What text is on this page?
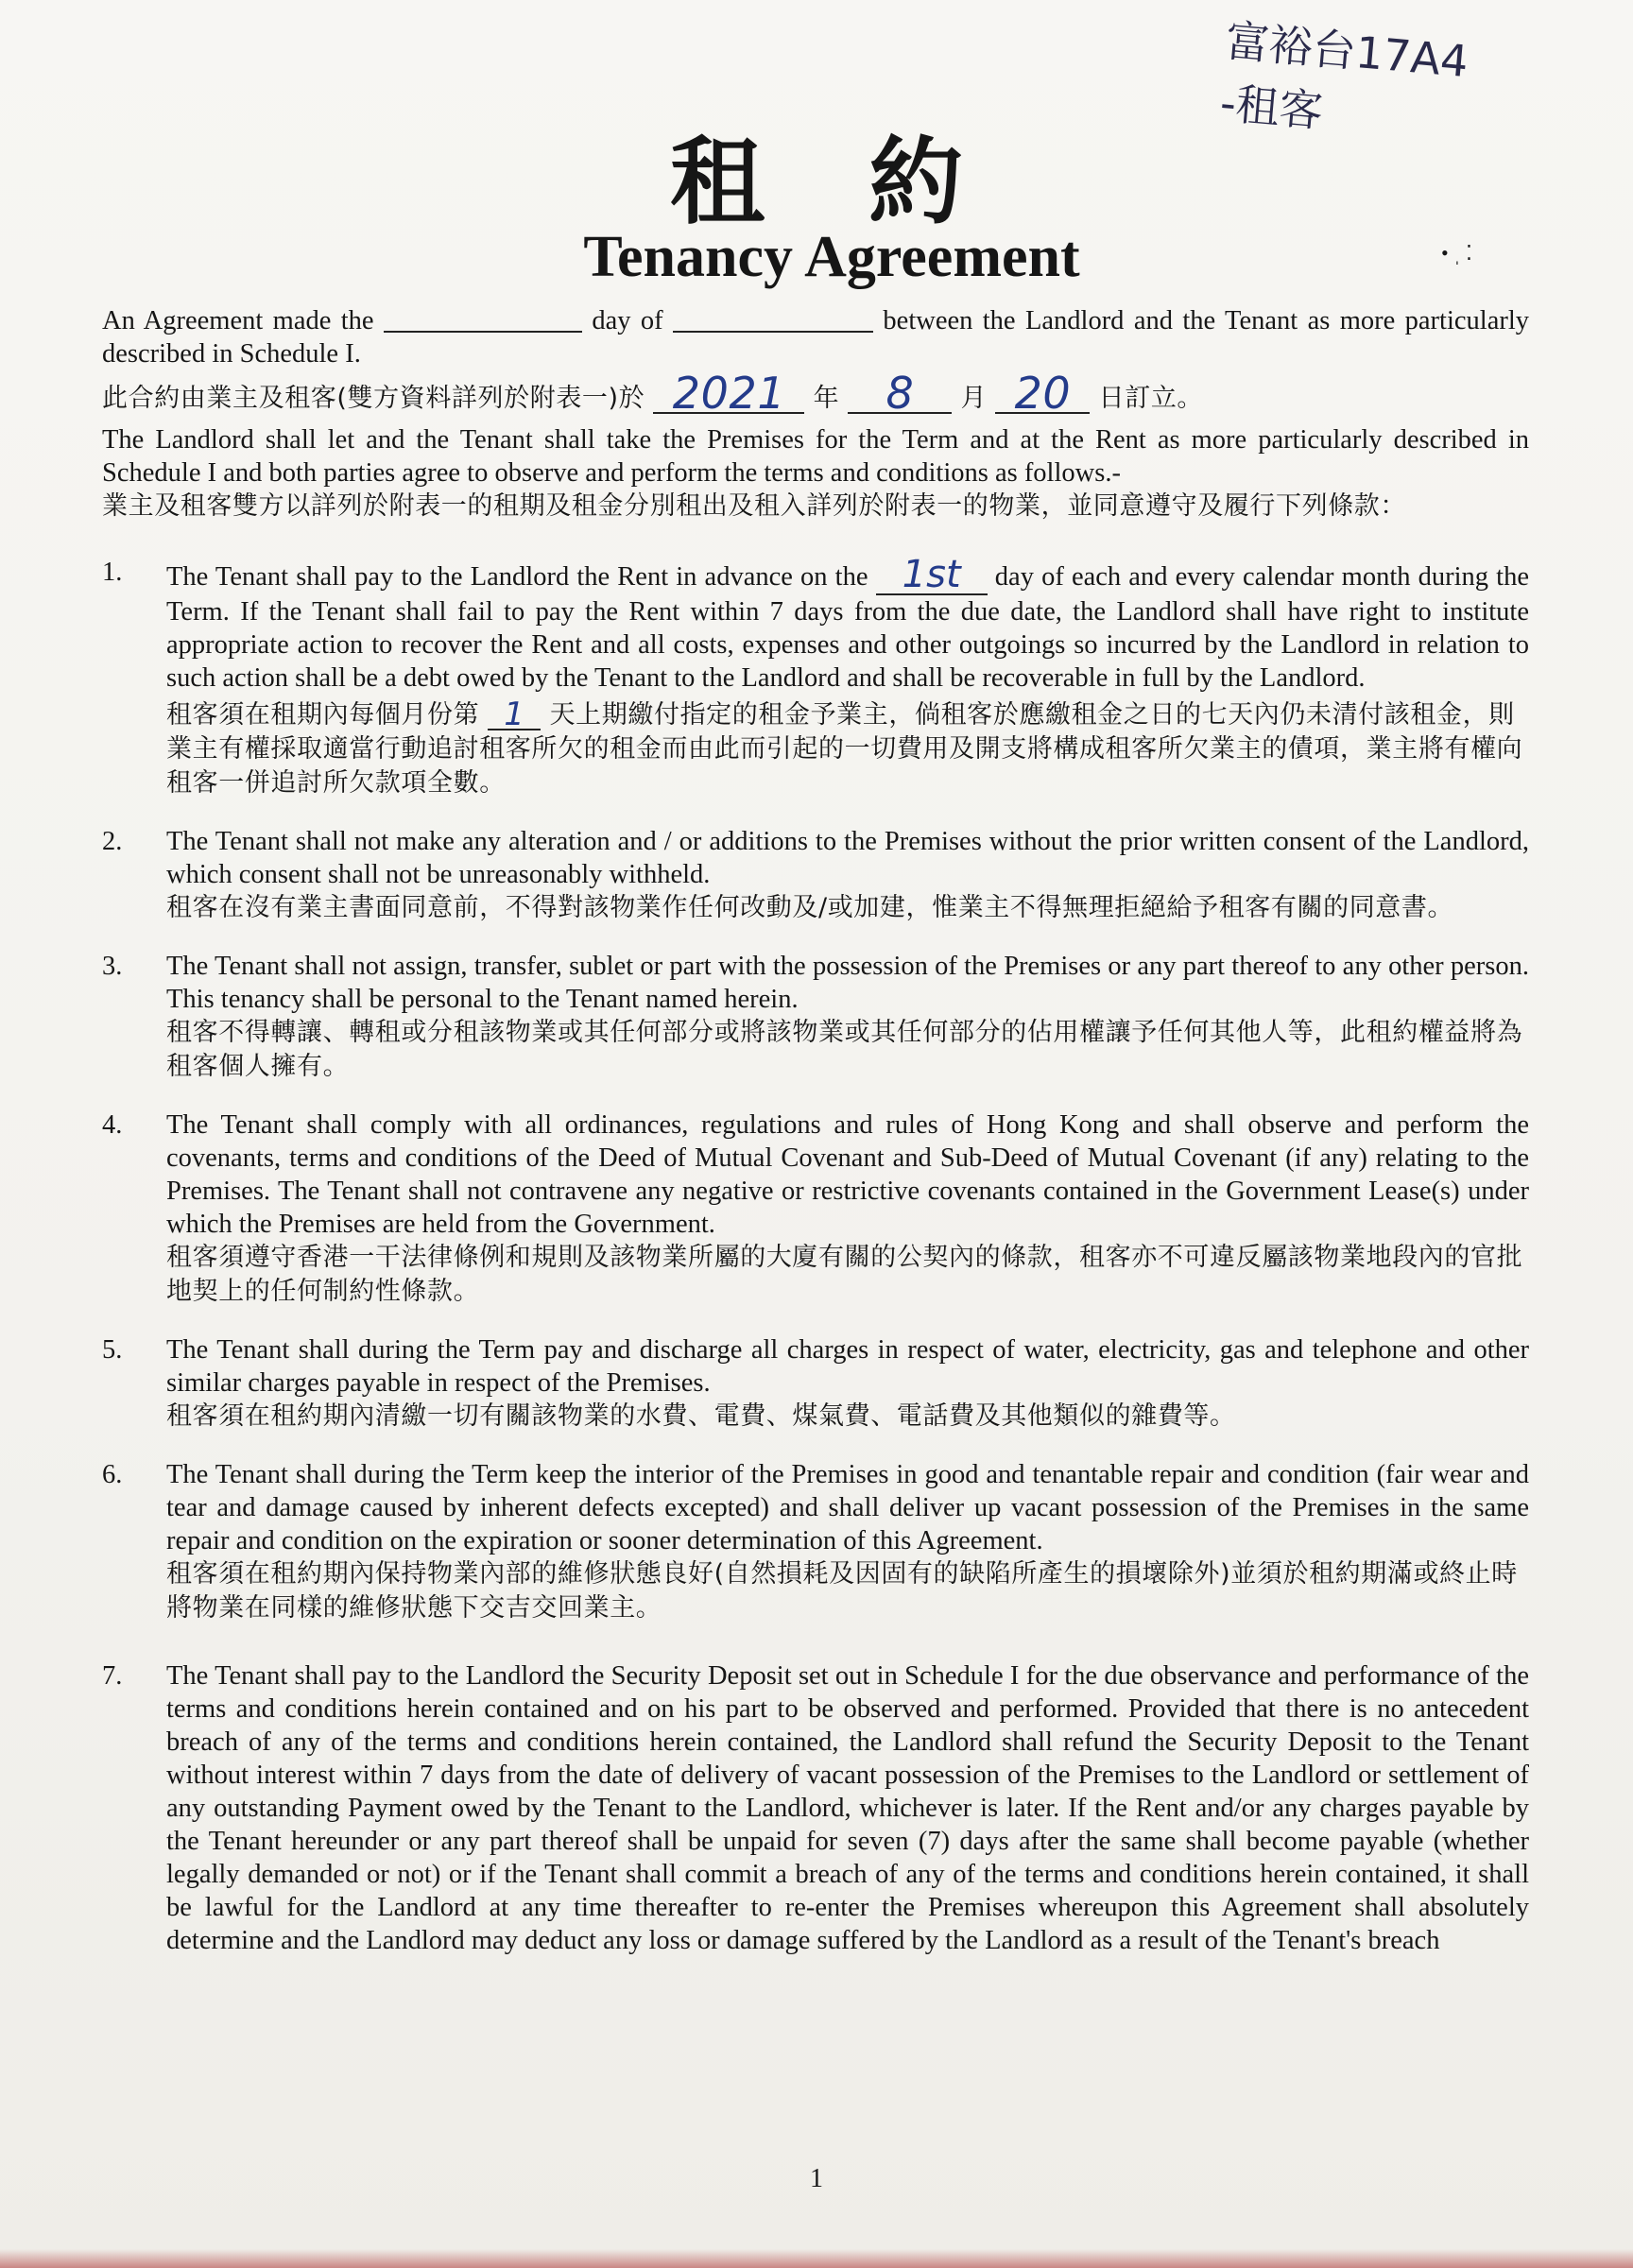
富裕台17A4
-租客
租約
Tenancy Agreement	• ˌ ⁚
An Agreement made the	day of	between the Landlord and the Tenant as more particularly described in Schedule I.
此合約由業主及租客(雙方資料詳列於附表一)於 2021 年 8 月 20 日訂立。
The Landlord shall let and the Tenant shall take the Premises for the Term and at the Rent as more particularly described in Schedule I and both parties agree to observe and perform the terms and conditions as follows.-
業主及租客雙方以詳列於附表一的租期及租金分別租出及租入詳列於附表一的物業，並同意遵守及履行下列條款：
1.	The Tenant shall pay to the Landlord the Rent in advance on the 1st day of each and every calendar month during the Term. If the Tenant shall fail to pay the Rent within 7 days from the due date, the Landlord shall have right to institute appropriate action to recover the Rent and all costs, expenses and other outgoings so incurred by the Landlord in relation to such action shall be a debt owed by the Tenant to the Landlord and shall be recoverable in full by the Landlord.
租客須在租期內每個月份第 1 天上期繳付指定的租金予業主，倘租客於應繳租金之日的七天內仍未清付該租金，則業主有權採取適當行動追討租客所欠的租金而由此而引起的一切費用及開支將構成租客所欠業主的債項，業主將有權向租客一併追討所欠款項全數。
2.	The Tenant shall not make any alteration and / or additions to the Premises without the prior written consent of the Landlord, which consent shall not be unreasonably withheld.
租客在沒有業主書面同意前，不得對該物業作任何改動及/或加建，惟業主不得無理拒絕給予租客有關的同意書。
3.	The Tenant shall not assign, transfer, sublet or part with the possession of the Premises or any part thereof to any other person. This tenancy shall be personal to the Tenant named herein.
租客不得轉讓、轉租或分租該物業或其任何部分或將該物業或其任何部分的佔用權讓予任何其他人等，此租約權益將為租客個人擁有。
4.	The Tenant shall comply with all ordinances, regulations and rules of Hong Kong and shall observe and perform the covenants, terms and conditions of the Deed of Mutual Covenant and Sub-Deed of Mutual Covenant (if any) relating to the Premises. The Tenant shall not contravene any negative or restrictive covenants contained in the Government Lease(s) under which the Premises are held from the Government.
租客須遵守香港一干法律條例和規則及該物業所屬的大廈有關的公契內的條款，租客亦不可違反屬該物業地段內的官批地契上的任何制約性條款。
5.	The Tenant shall during the Term pay and discharge all charges in respect of water, electricity, gas and telephone and other similar charges payable in respect of the Premises.
租客須在租約期內清繳一切有關該物業的水費、電費、煤氣費、電話費及其他類似的雜費等。
6.	The Tenant shall during the Term keep the interior of the Premises in good and tenantable repair and condition (fair wear and tear and damage caused by inherent defects excepted) and shall deliver up vacant possession of the Premises in the same repair and condition on the expiration or sooner determination of this Agreement.
租客須在租約期內保持物業內部的維修狀態良好(自然損耗及因固有的缺陷所產生的損壞除外)並須於租約期滿或終止時將物業在同樣的維修狀態下交吉交回業主。
7.	The Tenant shall pay to the Landlord the Security Deposit set out in Schedule I for the due observance and performance of the terms and conditions herein contained and on his part to be observed and performed. Provided that there is no antecedent breach of any of the terms and conditions herein contained, the Landlord shall refund the Security Deposit to the Tenant without interest within 7 days from the date of delivery of vacant possession of the Premises to the Landlord or settlement of any outstanding Payment owed by the Tenant to the Landlord, whichever is later. If the Rent and/or any charges payable by the Tenant hereunder or any part thereof shall be unpaid for seven (7) days after the same shall become payable (whether legally demanded or not) or if the Tenant shall commit a breach of any of the terms and conditions herein contained, it shall be lawful for the Landlord at any time thereafter to re-enter the Premises whereupon this Agreement shall absolutely determine and the Landlord may deduct any loss or damage suffered by the Landlord as a result of the Tenant's breach
1
